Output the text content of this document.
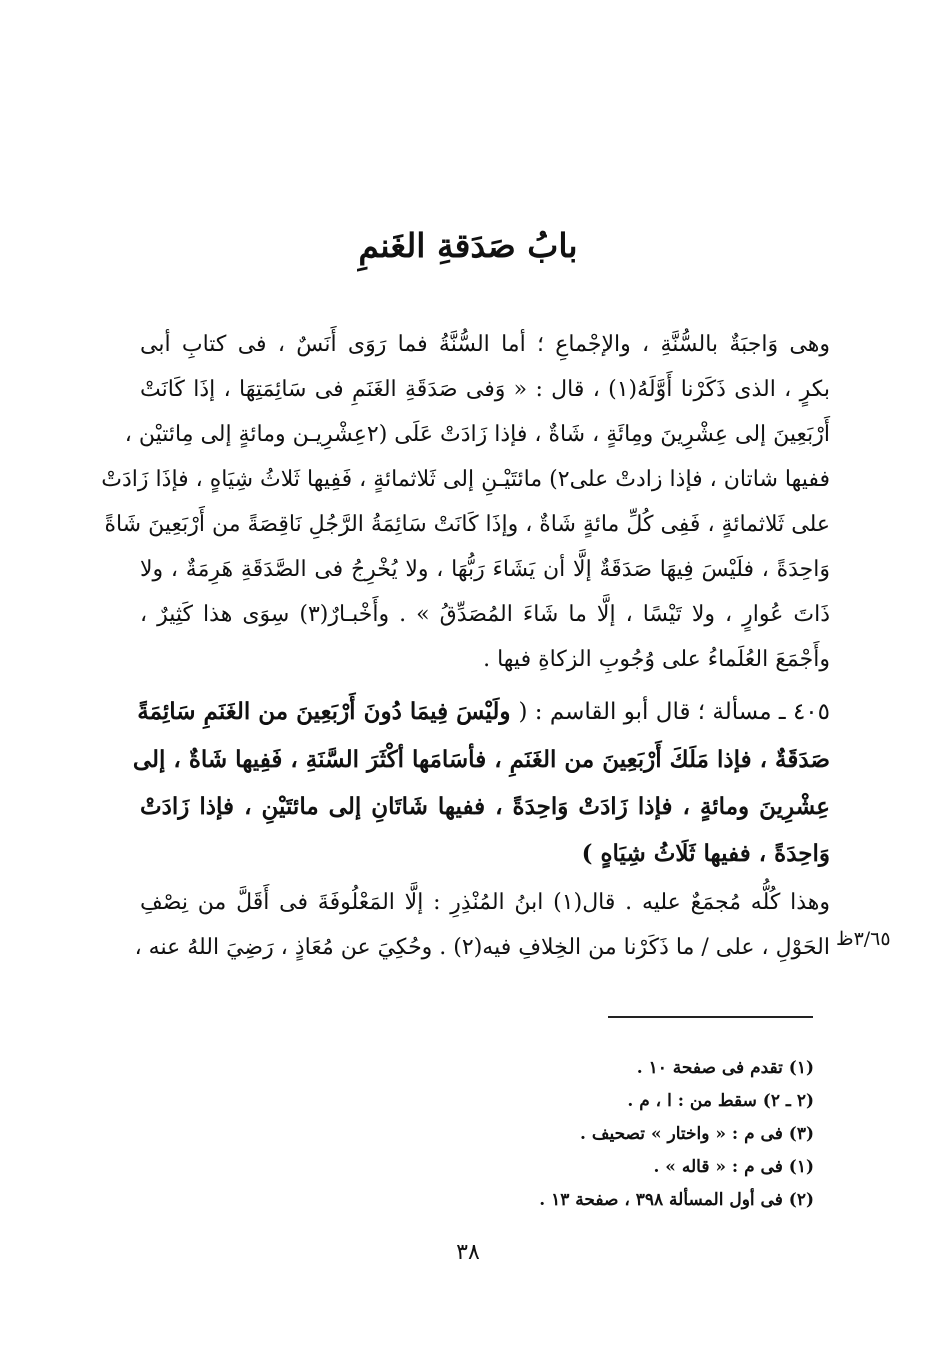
بابُ صَدَقةِ الغَنمِ
وهى وَاجبَةٌ بالسُّنَّةِ ، والإجْماعِ ؛ أما السُّنَّةُ فما رَوَى أَنَسٌ ، فى كتابِ أبى
بكرٍ ، الذى ذَكَرْنا أَوَّلَهُ(١) ، قال : « وَفى صَدَقَةِ الغَنَمِ فى سَائِمَتِهَا ، إذَا كَانَتْ
أَرْبَعِينَ إلى عِشْرِينَ ومِائَةٍ ، شَاةٌ ، فإذا زَادَتْ عَلَى (٢عِشْرِيـن ومائةٍ إلى مِائتيْن ،
ففيها شاتان ، فإذا زادتْ على٢) مائتَيْـنِ إلى ثَلاثمائةٍ ، فَفِيها ثَلاثُ شِيَاهٍ ، فإذَا زَادَتْ
على ثَلاثمائةٍ ، فَفِى كُلِّ مائةٍ شَاةٌ ، وإذَا كَانَتْ سَائِمَةُ الرَّجُلِ نَاقِصَةً من أَرْبَعِينَ شَاةً
وَاحِدَةً ، فلَيْسَ فِيهَا صَدَقَةٌ إلَّا أن يَشَاءَ رَبُّهَا ، ولا يُخْرِجُ فى الصَّدَقَةِ هَرِمَةٌ ، ولا
ذَاتَ عُوارٍ ، ولا تَيْسًا ، إلَّا ما شَاءَ المُصَدِّقُ » . وأَخْبـارٌ(٣) سِوَى هذا كَثِيرٌ ،
وأَجْمَعَ العُلَماءُ على وُجُوبِ الزكاةِ فيها .
٤٠٥ ـ مسألة ؛ قال أبو القاسم : ( ولَيْسَ فِيمَا دُونَ أَرْبَعِينَ من الغَنَمِ سَائِمَةً
صَدَقَةٌ ، فإذا مَلَكَ أَرْبَعِينَ من الغَنَمِ ، فأسَامَها أكْثَرَ السَّنَةِ ، فَفِيها شَاةٌ ، إلى
عِشْرِينَ ومائةٍ ، فإذا زَادَتْ وَاحِدَةً ، ففيها شَاتَانِ إلى مائتَيْنِ ، فإذا زَادَتْ
وَاحِدَةً ، ففيها ثَلَاثُ شِيَاهٍ )
وهذا كُلُّه مُجمَعٌ عليه . قال(١) ابنُ المُنْذِرِ : إلَّا المَعْلُوفَةَ فى أَقَلَّ من نِصْفِ
الحَوْلِ ، على / ما ذَكَرْنا من الخِلافِ فيه(٢) . وحُكِيَ عن مُعَاذٍ ، رَضِيَ اللهُ عنه ، ٣/٦٥ظ
(١) تقدم فى صفحة ١٠ .
(٢ ـ ٢) سقط من : ا ، م .
(٣) فى م : « واختار » تصحيف .
(١) فى م : « قاله » .
(٢) فى أول المسألة ٣٩٨ ، صفحة ١٣ .
٣٨
